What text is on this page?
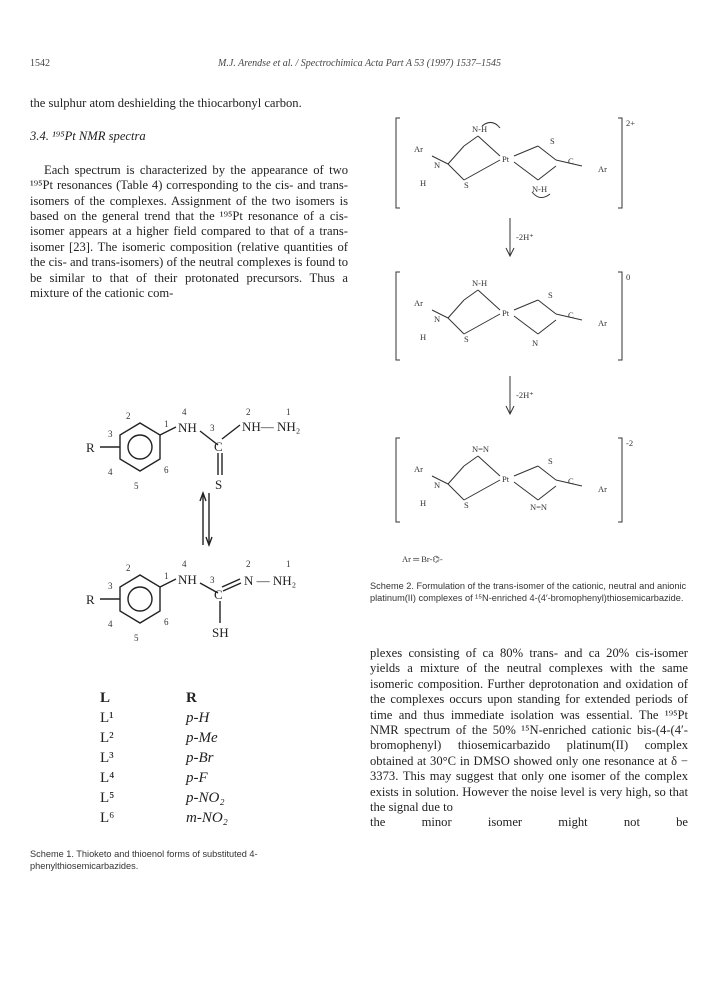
1542	M.J. Arendse et al. / Spectrochimica Acta Part A 53 (1997) 1537–1545

the sulphur atom deshielding the thiocarbonyl carbon.

3.4. ¹⁹⁵Pt NMR spectra

Each spectrum is characterized by the appearance of two ¹⁹⁵Pt resonances (Table 4) corresponding to the cis- and trans-isomers of the complexes. Assignment of the two isomers is based on the general trend that the ¹⁹⁵Pt resonance of a cis-isomer appears at a higher field compared to that of a trans-isomer [23]. The isomeric composition (relative quantities of the cis- and trans-isomers) of the neutral complexes is found to be similar to that of their protonated precursors. Thus a mixture of the cationic com-

R
NH
C
NH— NH₂
S
R
NH
C
N — NH₂
SH
2
3
4
5
6
1
4
3
2	1
2
3
4
5
6
1
4
3
2	1
L	R
L¹	p-H
L²	p-Me
L³	p-Br
L⁴	p-F
L⁵	p-NO₂
L⁶	m-NO₂
Scheme 1. Thioketo and thioenol forms of substituted 4-phenylthiosemicarbazides.
2+
0
-2
-2H⁺
-2H⁺
Ar
N
H
N-H
S
Pt
S
C
Ar
N-H
Ar
N
H
N-H
S
Pt
S
C
Ar
N
Ar
N
H
N=N
S
Pt
S
C
Ar
N=N
Ar ═ Br-⌬-
Scheme 2. Formulation of the trans-isomer of the cationic, neutral and anionic platinum(II) complexes of ¹⁵N-enriched 4-(4′-bromophenyl)thiosemicarbazide.

plexes consisting of ca 80% trans- and ca 20% cis-isomer yields a mixture of the neutral complexes with the same isomeric composition. Further deprotonation and oxidation of the complexes occurs upon standing for extended periods of time and thus immediate isolation was essential. The ¹⁹⁵Pt NMR spectrum of the 50% ¹⁵N-enriched cationic bis-(4-(4′-bromophenyl) thiosemicarbazido platinum(II) complex obtained at 30°C in DMSO showed only one resonance at δ − 3373. This may suggest that only one isomer of the complex exists in solution. However the noise level is very high, so that the signal due to

the	minor	isomer	might	not	be
